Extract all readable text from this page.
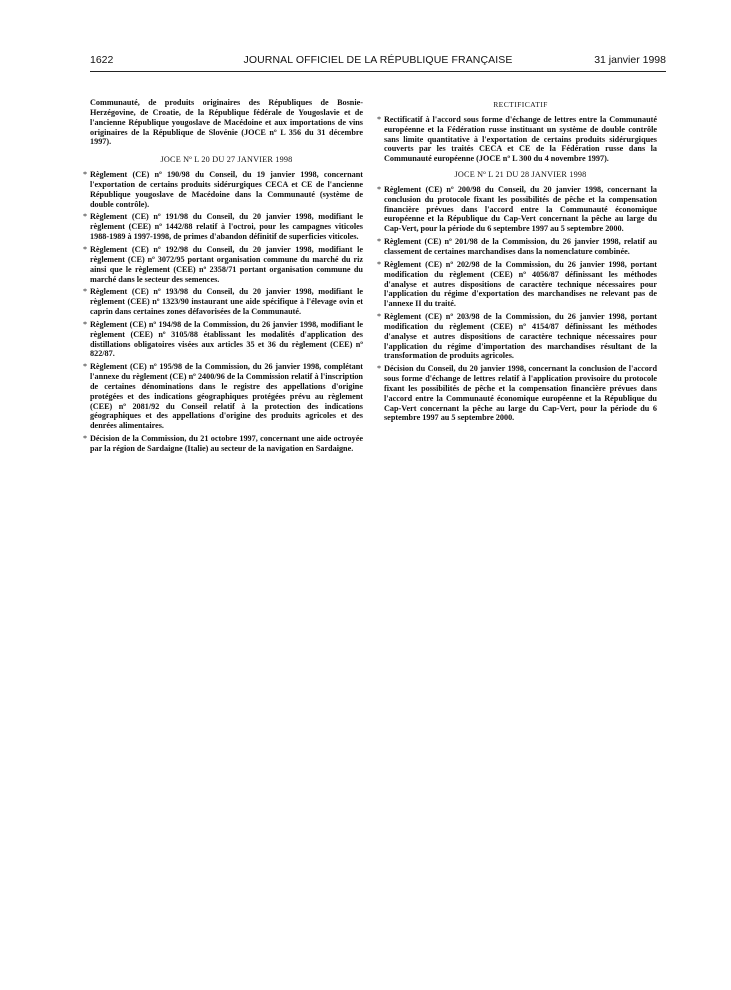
1622	JOURNAL OFFICIEL DE LA RÉPUBLIQUE FRANÇAISE	31 janvier 1998

Communauté, de produits originaires des Républiques de Bosnie-Herzégovine, de Croatie, de la République fédérale de Yougoslavie et de l'ancienne République yougoslave de Macédoine et aux importations de vins originaires de la République de Slovénie (JOCE nº L 356 du 31 décembre 1997).

JOCE Nº L 20 DU 27 JANVIER 1998
* Règlement (CE) nº 190/98 du Conseil, du 19 janvier 1998, concernant l'exportation de certains produits sidérurgiques CECA et CE de l'ancienne République yougoslave de Macédoine dans la Communauté (système de double contrôle).
* Règlement (CE) nº 191/98 du Conseil, du 20 janvier 1998, modifiant le règlement (CEE) nº 1442/88 relatif à l'octroi, pour les campagnes viticoles 1988-1989 à 1997-1998, de primes d'abandon définitif de superficies viticoles.
* Règlement (CE) nº 192/98 du Conseil, du 20 janvier 1998, modifiant le règlement (CE) nº 3072/95 portant organisation commune du marché du riz ainsi que le règlement (CEE) nº 2358/71 portant organisation commune du marché dans le secteur des semences.
* Règlement (CE) nº 193/98 du Conseil, du 20 janvier 1998, modifiant le règlement (CEE) nº 1323/90 instaurant une aide spécifique à l'élevage ovin et caprin dans certaines zones défavorisées de la Communauté.
* Règlement (CE) nº 194/98 de la Commission, du 26 janvier 1998, modifiant le règlement (CEE) nº 3105/88 établissant les modalités d'application des distillations obligatoires visées aux articles 35 et 36 du règlement (CEE) nº 822/87.
* Règlement (CE) nº 195/98 de la Commission, du 26 janvier 1998, complétant l'annexe du règlement (CE) nº 2400/96 de la Commission relatif à l'inscription de certaines dénominations dans le registre des appellations d'origine protégées et des indications géographiques protégées prévu au règlement (CEE) nº 2081/92 du Conseil relatif à la protection des indications géographiques et des appellations d'origine des produits agricoles et des denrées alimentaires.
* Décision de la Commission, du 21 octobre 1997, concernant une aide octroyée par la région de Sardaigne (Italie) au secteur de la navigation en Sardaigne.
RECTIFICATIF
* Rectificatif à l'accord sous forme d'échange de lettres entre la Communauté européenne et la Fédération russe instituant un système de double contrôle sans limite quantitative à l'exportation de certains produits sidérurgiques couverts par les traités CECA et CE de la Fédération russe dans la Communauté européenne (JOCE nº L 300 du 4 novembre 1997).
JOCE Nº L 21 DU 28 JANVIER 1998
* Règlement (CE) nº 200/98 du Conseil, du 20 janvier 1998, concernant la conclusion du protocole fixant les possibilités de pêche et la compensation financière prévues dans l'accord entre la Communauté économique européenne et la République du Cap-Vert concernant la pêche au large du Cap-Vert, pour la période du 6 septembre 1997 au 5 septembre 2000.
* Règlement (CE) nº 201/98 de la Commission, du 26 janvier 1998, relatif au classement de certaines marchandises dans la nomenclature combinée.
* Règlement (CE) nº 202/98 de la Commission, du 26 janvier 1998, portant modification du règlement (CEE) nº 4056/87 définissant les méthodes d'analyse et autres dispositions de caractère technique nécessaires pour l'application du régime d'exportation des marchandises ne relevant pas de l'annexe II du traité.
* Règlement (CE) nº 203/98 de la Commission, du 26 janvier 1998, portant modification du règlement (CEE) nº 4154/87 définissant les méthodes d'analyse et autres dispositions de caractère technique nécessaires pour l'application du régime d'importation des marchandises résultant de la transformation de produits agricoles.
* Décision du Conseil, du 20 janvier 1998, concernant la conclusion de l'accord sous forme d'échange de lettres relatif à l'application provisoire du protocole fixant les possibilités de pêche et la compensation financière prévues dans l'accord entre la Communauté économique européenne et la République du Cap-Vert concernant la pêche au large du Cap-Vert, pour la période du 6 septembre 1997 au 5 septembre 2000.
